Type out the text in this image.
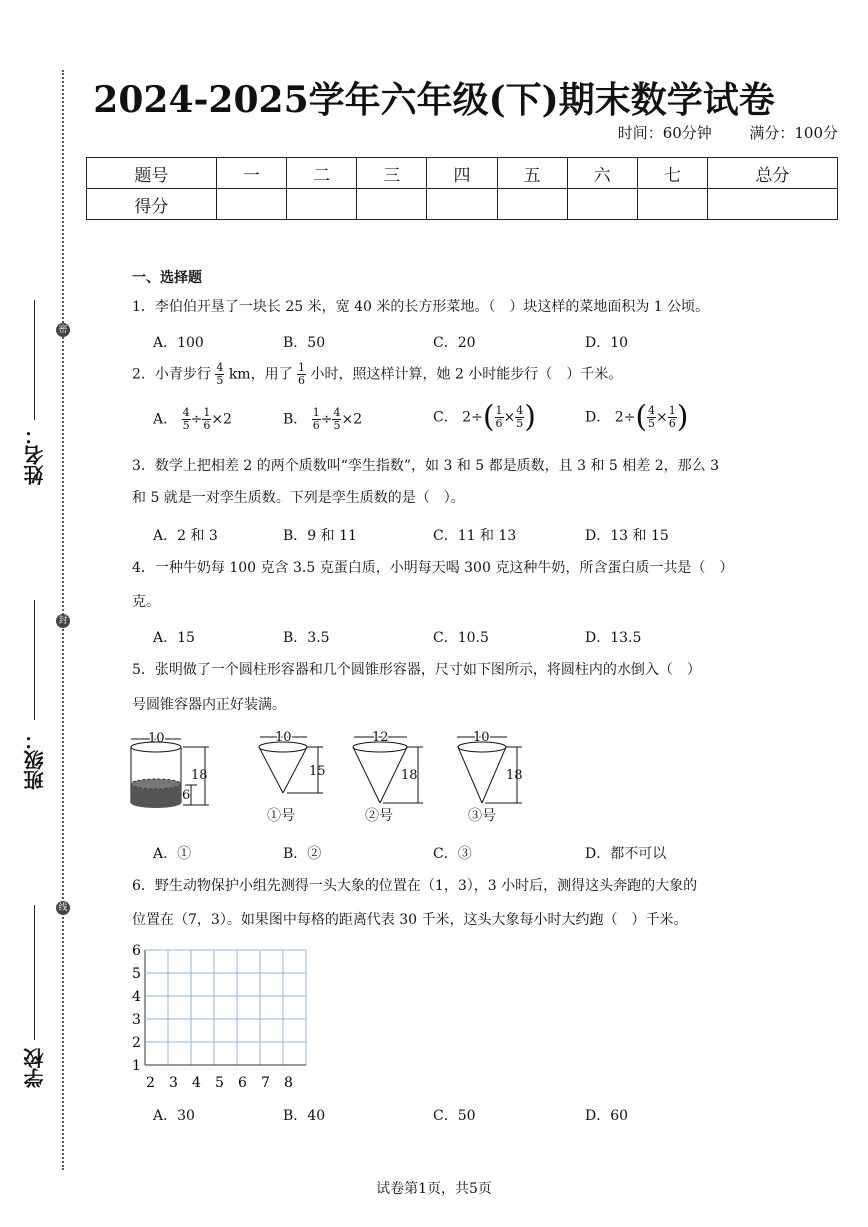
姓名：
密
班级：
封
学校
线
2024-2025学年六年级(下)期末数学试卷
时间：60分钟	满分：100分
题号	一	二	三	四	五	六	七	总分
得分								
一、选择题
1．李伯伯开垦了一块长 25 米，宽 40 米的长方形菜地。（　）块这样的菜地面积为 1 公顷。
A．100	B．50	C．20	D．10
2．小青步行 $\frac{4}{5}$ km，用了 $\frac{1}{6}$ 小时，照这样计算，她 2 小时能步行（　）千米。
A． $\frac{4}{5} \div \frac{1}{6} \times 2$	B． $\frac{1}{6} \div \frac{4}{5} \times 2$	C． $2\div( \frac{1}{6} \times \frac{4}{5}$ )	D． $2\div( \frac{4}{5} \times \frac{1}{6}$ )
3．数学上把相差 2 的两个质数叫“孪生指数”，如 3 和 5 都是质数，且 3 和 5 相差 2，那么 3
和 5 就是一对孪生质数。下列是孪生质数的是（　）。
A．2 和 3	B．9 和 11	C．11 和 13	D．13 和 15
4．一种牛奶每 100 克含 3.5 克蛋白质，小明每天喝 300 克这种牛奶，所含蛋白质一共是（　）
克。
A．15	B．3.5	C．10.5	D．13.5
5．张明做了一个圆柱形容器和几个圆锥形容器，尺寸如下图所示，将圆柱内的水倒入（　）
号圆锥容器内正好装满。
10
18
6
10
15
①号
12
18
②号
10
18
③号
A．①	B．②	C．③	D．都不可以
6．野生动物保护小组先测得一头大象的位置在（1，3），3 小时后，测得这头奔跑的大象的
位置在（7，3）。如果图中每格的距离代表 30 千米，这头大象每小时大约跑（　）千米。
6
5
4
3
2
1
2 3 4 5 6 7 8
A．30	B．40	C．50	D．60
试卷第1页，共5页
